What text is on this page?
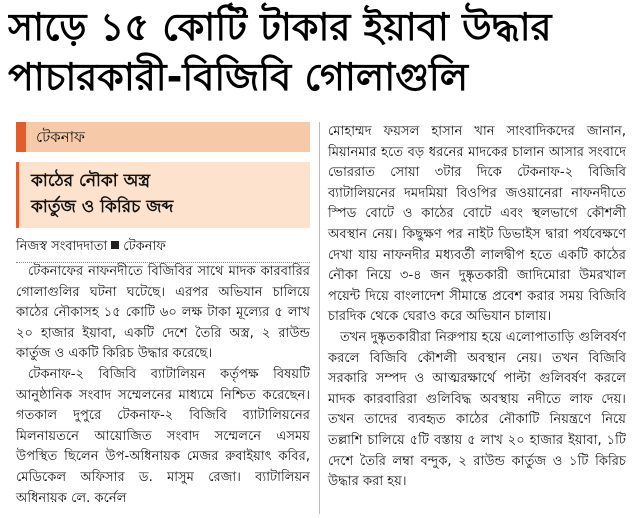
সাড়ে ১৫ কোটি টাকার ইয়াবা উদ্ধার
পাচারকারী-বিজিবি গোলাগুলি
টেকনাফ
কাঠের নৌকা অস্ত্র
কার্তুজ ও কিরিচ জব্দ
নিজস্ব সংবাদদাতা টেকনাফ

টেকনাফের নাফনদীতে বিজিবির সাথে মাদক কারবারির গোলাগুলির ঘটনা ঘটেছে। এরপর অভিযান চালিয়ে কাঠের নৌকাসহ ১৫ কোটি ৬০ লক্ষ টাকা মূল্যের ৫ লাখ ২০ হাজার ইয়াবা, একটি দেশে তৈরি অস্ত্র, ২ রাউন্ড কার্তুজ ও একটি কিরিচ উদ্ধার করেছে।

টেকনাফ-২ বিজিবি ব্যাটালিয়ন কর্তৃপক্ষ বিষয়টি আনুষ্ঠানিক সংবাদ সম্মেলনের মাধ্যমে নিশ্চিত করেছেন। গতকাল দুপুরে টেকনাফ-২ বিজিবি ব্যাটালিয়নের মিলনায়তনে আয়োজিত সংবাদ সম্মেলনে এসময় উপস্থিত ছিলেন উপ-অধিনায়ক মেজর রুবাইয়াৎ কবির, মেডিকেল অফিসার ড. মাসুম রেজা। ব্যাটালিয়ন অধিনায়ক লে. কর্নেল

মোহাম্মদ ফয়সল হাসান খান সাংবাদিকদের জানান, মিয়ানমার হতে বড় ধরনের মাদকের চালান আসার সংবাদে ভোররাত সোয়া ৩টার দিকে টেকনাফ-২ বিজিবি ব্যাটালিয়নের দমদমিয়া বিওপির জওয়ানেরা নাফনদীতে স্পিড বোটে ও কাঠের বোটে এবং স্থলভাগে কৌশলী অবস্থান নেয়। কিছুক্ষণ পর নাইট ডিভাইস দ্বারা পর্যবেক্ষণে দেখা যায় নাফনদীর মধ্যবর্তী লালদ্বীপ হতে একটি কাঠের নৌকা নিয়ে ৩-৪ জন দুষ্কৃতকারী জাদিমোরা উমরখাল পয়েন্ট দিয়ে বাংলাদেশ সীমান্তে প্রবেশ করার সময় বিজিবি চারদিক থেকে ঘেরাও করে অভিযান চালায়।

তখন দুষ্কৃতকারীরা নিরুপায় হয়ে এলোপাতাড়ি গুলিবর্ষণ করলে বিজিবি কৌশলী অবস্থান নেয়। তখন বিজিবি সরকারি সম্পদ ও আত্মরক্ষার্থে পাল্টা গুলিবর্ষণ করলে মাদক কারবারিরা গুলিবিদ্ধ অবস্থায় নদীতে লাফ দেয়। তখন তাদের ব্যবহৃত কাঠের নৌকাটি নিয়ন্ত্রণে নিয়ে তল্লাশি চালিয়ে ৫টি বস্তায় ৫ লাখ ২০ হাজার ইয়াবা, ১টি দেশে তৈরি লম্বা বন্দুক, ২ রাউন্ড কার্তুজ ও ১টি কিরিচ উদ্ধার করা হয়।
